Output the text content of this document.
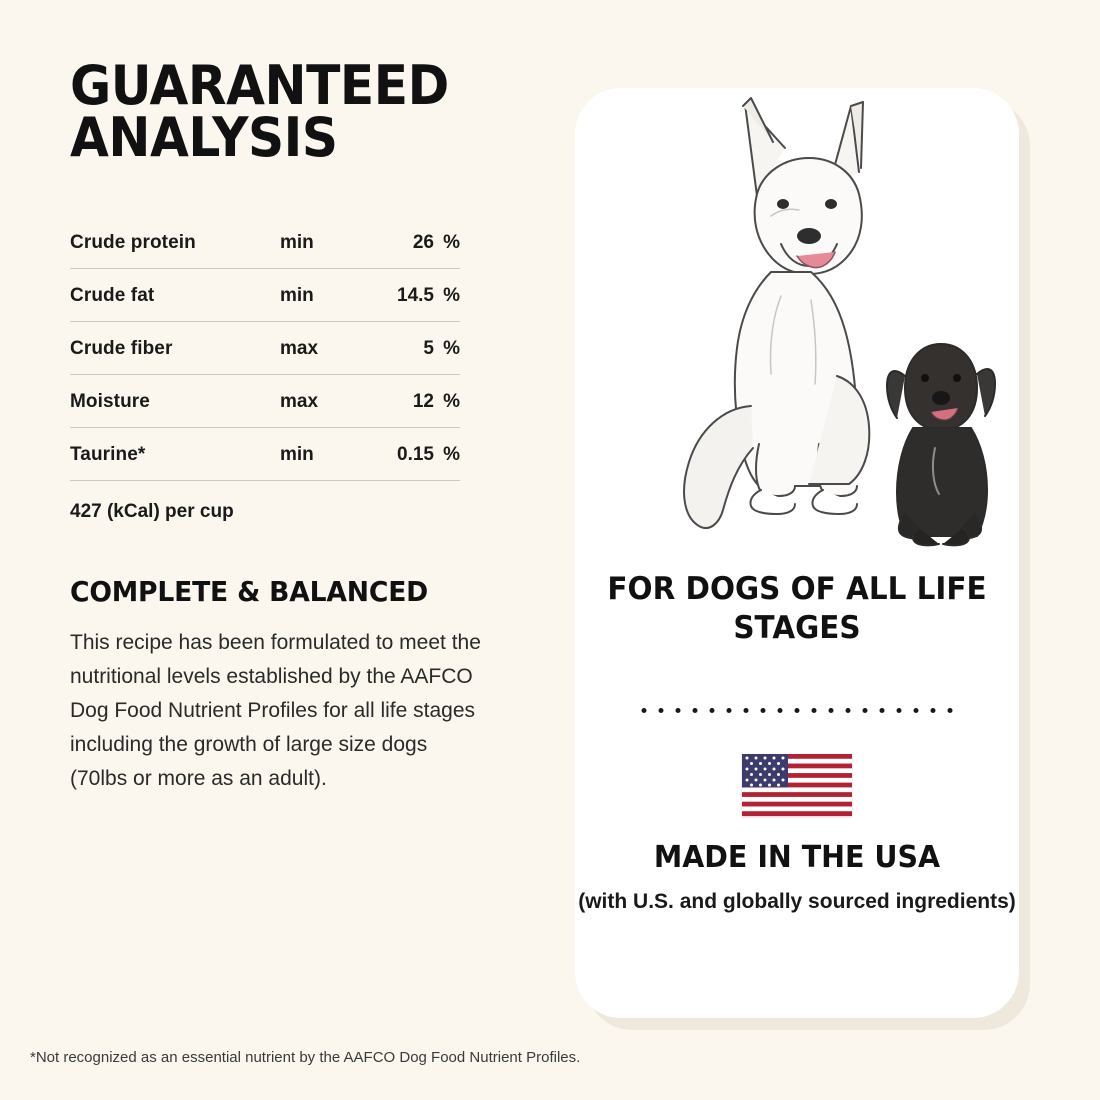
GUARANTEED ANALYSIS
Crude protein	min	26 %
Crude fat	min	14.5 %
Crude fiber	max	5 %
Moisture	max	12 %
Taurine*	min	0.15 %
427 (kCal) per cup
COMPLETE & BALANCED
This recipe has been formulated to meet the nutritional levels established by the AAFCO Dog Food Nutrient Profiles for all life stages including the growth of large size dogs (70lbs or more as an adult).
*Not recognized as an essential nutrient by the AAFCO Dog Food Nutrient Profiles.
FOR DOGS OF ALL LIFE STAGES
MADE IN THE USA
(with U.S. and globally sourced ingredients)
